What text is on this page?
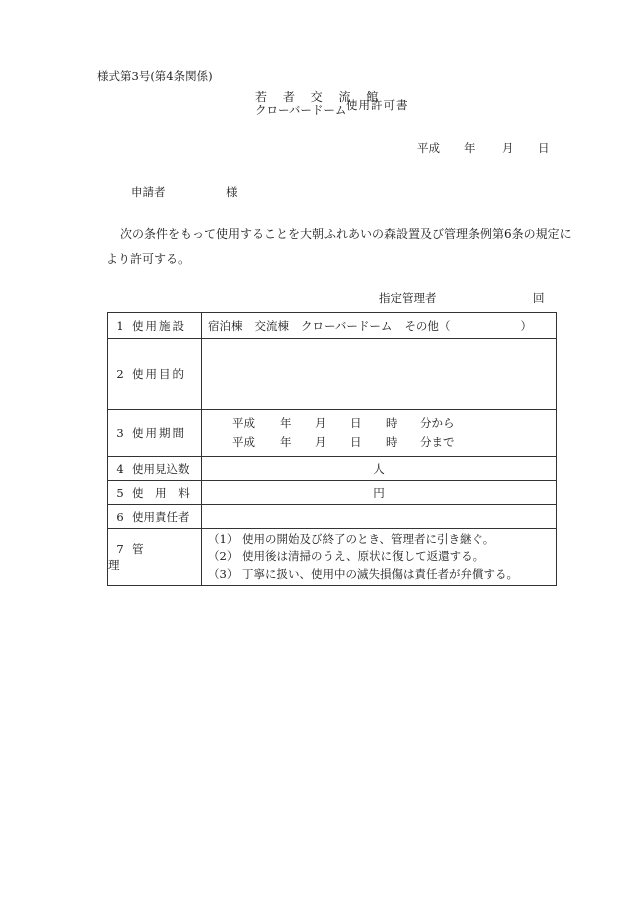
様式第3号(第4条関係)
若 者 交 流 館
クローバードーム 使用許可書
平成 年 月 日
申請者	様
次の条件をもって使用することを大朝ふれあいの森設置及び管理条例第6条の規定により許可する。
指定管理者	回
1 使用施設	宿泊棟 交流棟 クローバードーム その他（ ）
2 使用目的	
3 使用期間	平成 年 月 日 時 分から
平成 年 月 日 時 分まで

4 使用見込数	人
5 使 用 料	円
6 使用責任者	
7 管 理	（1） 使用の開始及び終了のとき、管理者に引き継ぐ。
（2） 使用後は清掃のうえ、原状に復して返還する。
（3） 丁寧に扱い、使用中の滅失損傷は責任者が弁償する。
